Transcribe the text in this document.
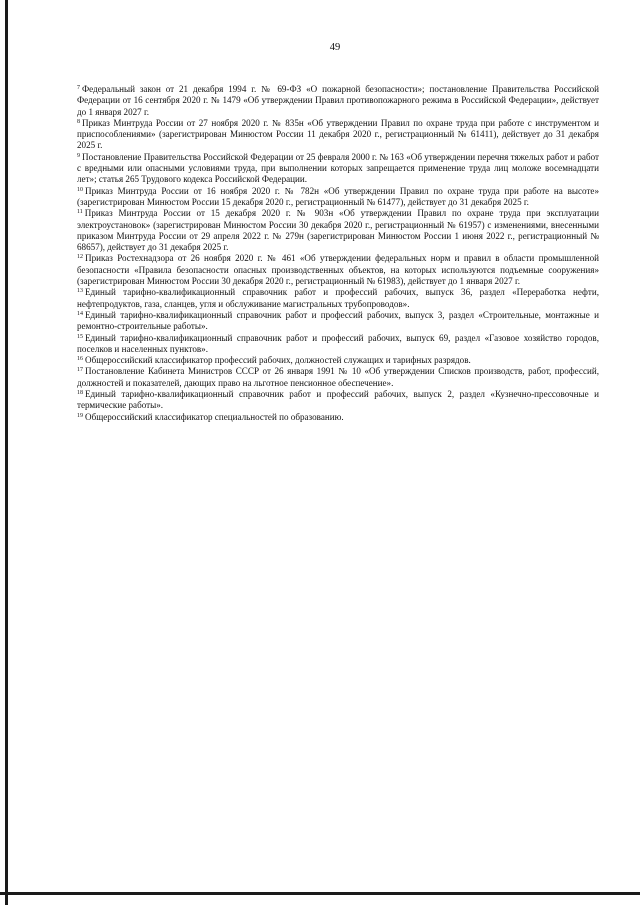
49

$^7$ Федеральный закон от 21 декабря 1994 г. № 69-ФЗ «О пожарной безопасности»; постановление Правительства Российской Федерации от 16 сентября 2020 г. № 1479 «Об утверждении Правил противопожарного режима в Российской Федерации», действует до 1 января 2027 г.

$^8$ Приказ Минтруда России от 27 ноября 2020 г. № 835н «Об утверждении Правил по охране труда при работе с инструментом и приспособлениями» (зарегистрирован Минюстом России 11 декабря 2020 г., регистрационный № 61411), действует до 31 декабря 2025 г.

$^9$ Постановление Правительства Российской Федерации от 25 февраля 2000 г. № 163 «Об утверждении перечня тяжелых работ и работ с вредными или опасными условиями труда, при выполнении которых запрещается применение труда лиц моложе восемнадцати лет»; статья 265 Трудового кодекса Российской Федерации.

$^{10}$ Приказ Минтруда России от 16 ноября 2020 г. № 782н «Об утверждении Правил по охране труда при работе на высоте» (зарегистрирован Минюстом России 15 декабря 2020 г., регистрационный № 61477), действует до 31 декабря 2025 г.

$^{11}$ Приказ Минтруда России от 15 декабря 2020 г. № 903н «Об утверждении Правил по охране труда при эксплуатации электроустановок» (зарегистрирован Минюстом России 30 декабря 2020 г., регистрационный № 61957) с изменениями, внесенными приказом Минтруда России от 29 апреля 2022 г. № 279н (зарегистрирован Минюстом России 1 июня 2022 г., регистрационный № 68657), действует до 31 декабря 2025 г.

$^{12}$ Приказ Ростехнадзора от 26 ноября 2020 г. № 461 «Об утверждении федеральных норм и правил в области промышленной безопасности «Правила безопасности опасных производственных объектов, на которых используются подъемные сооружения» (зарегистрирован Минюстом России 30 декабря 2020 г., регистрационный № 61983), действует до 1 января 2027 г.

$^{13}$ Единый тарифно-квалификационный справочник работ и профессий рабочих, выпуск 36, раздел «Переработка нефти, нефтепродуктов, газа, сланцев, угля и обслуживание магистральных трубопроводов».

$^{14}$ Единый тарифно-квалификационный справочник работ и профессий рабочих, выпуск 3, раздел «Строительные, монтажные и ремонтно-строительные работы».

$^{15}$ Единый тарифно-квалификационный справочник работ и профессий рабочих, выпуск 69, раздел «Газовое хозяйство городов, поселков и населенных пунктов».

$^{16}$ Общероссийский классификатор профессий рабочих, должностей служащих и тарифных разрядов.

$^{17}$ Постановление Кабинета Министров СССР от 26 января 1991 № 10 «Об утверждении Списков производств, работ, профессий, должностей и показателей, дающих право на льготное пенсионное обеспечение».

$^{18}$ Единый тарифно-квалификационный справочник работ и профессий рабочих, выпуск 2, раздел «Кузнечно-прессовочные и термические работы».

$^{19}$ Общероссийский классификатор специальностей по образованию.
